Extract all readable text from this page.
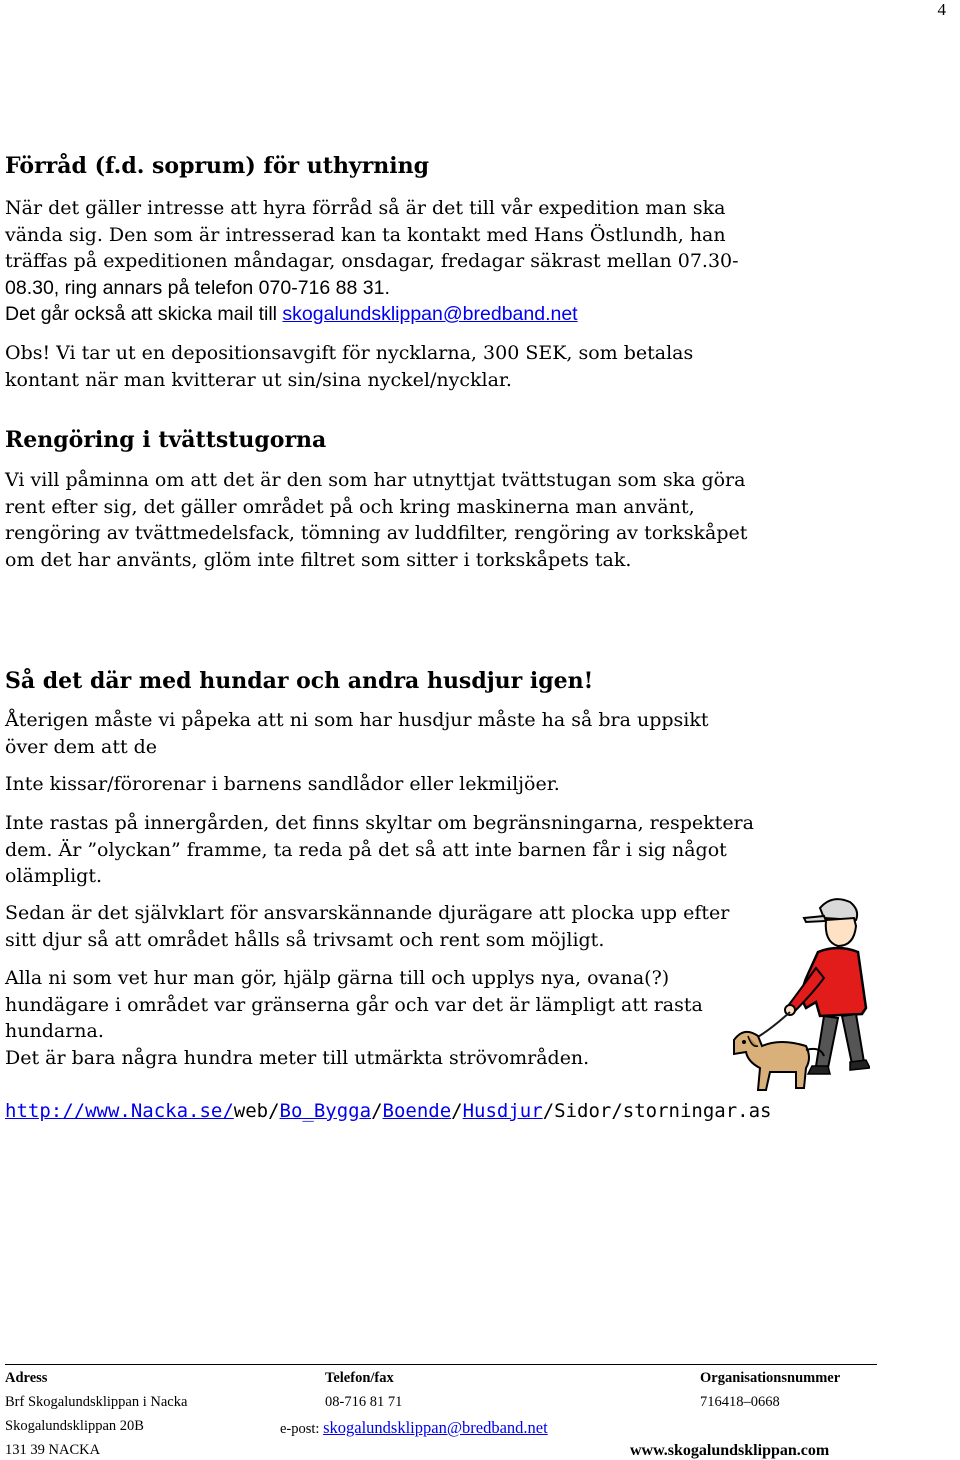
4
Förråd (f.d. soprum) för uthyrning
När det gäller intresse att hyra förråd så är det till vår expedition man ska
vända sig. Den som är intresserad kan ta kontakt med Hans Östlundh, han
träffas på expeditionen måndagar, onsdagar, fredagar säkrast mellan 07.30-
08.30, ring annars på telefon 070-716 88 31.
Det går också att skicka mail till skogalundsklippan@bredband.net
Obs! Vi tar ut en depositionsavgift för nycklarna, 300 SEK, som betalas
kontant när man kvitterar ut sin/sina nyckel/nycklar.
Rengöring i tvättstugorna
Vi vill påminna om att det är den som har utnyttjat tvättstugan som ska göra
rent efter sig, det gäller området på och kring maskinerna man använt,
rengöring av tvättmedelsfack, tömning av luddfilter, rengöring av torkskåpet
om det har använts, glöm inte filtret som sitter i torkskåpets tak.
Så det där med hundar och andra husdjur igen!
Återigen måste vi påpeka att ni som har husdjur måste ha så bra uppsikt
över dem att de
Inte kissar/förorenar i barnens sandlådor eller lekmiljöer.
Inte rastas på innergården, det finns skyltar om begränsningarna, respektera
dem. Är ”olyckan” framme, ta reda på det så att inte barnen får i sig något
olämpligt.
Sedan är det självklart för ansvarskännande djurägare att plocka upp efter
sitt djur så att området hålls så trivsamt och rent som möjligt.
Alla ni som vet hur man gör, hjälp gärna till och upplys nya, ovana(?)
hundägare i området var gränserna går och var det är lämpligt att rasta
hundarna.
Det är bara några hundra meter till utmärkta strövområden.
http://www.Nacka.se/web/Bo_Bygga/Boende/Husdjur/Sidor/storningar.as
Adress
Brf Skogalundsklippan i Nacka
Skogalundsklippan 20B
131 39 NACKA
Telefon/fax
08-716 81 71
e-post: skogalundsklippan@bredband.net
Organisationsnummer
716418–0668
www.skogalundsklippan.com
